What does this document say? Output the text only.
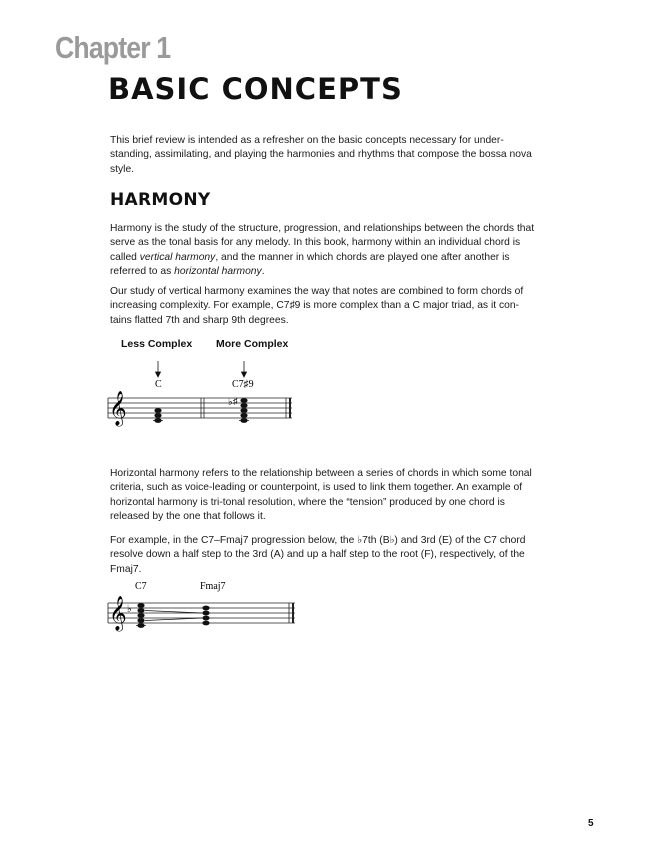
Chapter 1
BASIC CONCEPTS
This brief review is intended as a refresher on the basic concepts necessary for under-standing, assimilating, and playing the harmonies and rhythms that compose the bossa nova style.
HARMONY
Harmony is the study of the structure, progression, and relationships between the chords that serve as the tonal basis for any melody. In this book, harmony within an individual chord is called vertical harmony, and the manner in which chords are played one after another is referred to as horizontal harmony.
Our study of vertical harmony examines the way that notes are combined to form chords of increasing complexity. For example, C7♯9 is more complex than a C major triad, as it con-tains flatted 7th and sharp 9th degrees.
Less Complex More Complex
C	C7♯9
𝄞	♭ ♯
Horizontal harmony refers to the relationship between a series of chords in which some tonal criteria, such as voice-leading or counterpoint, is used to link them together. An example of horizontal harmony is tri-tonal resolution, where the “tension” produced by one chord is released by the one that follows it.
For example, in the C7–Fmaj7 progression below, the ♭7th (B♭) and 3rd (E) of the C7 chord resolve down a half step to the 3rd (A) and up a half step to the root (F), respectively, of the Fmaj7.
C7	Fmaj7
𝄞 ♭
5
